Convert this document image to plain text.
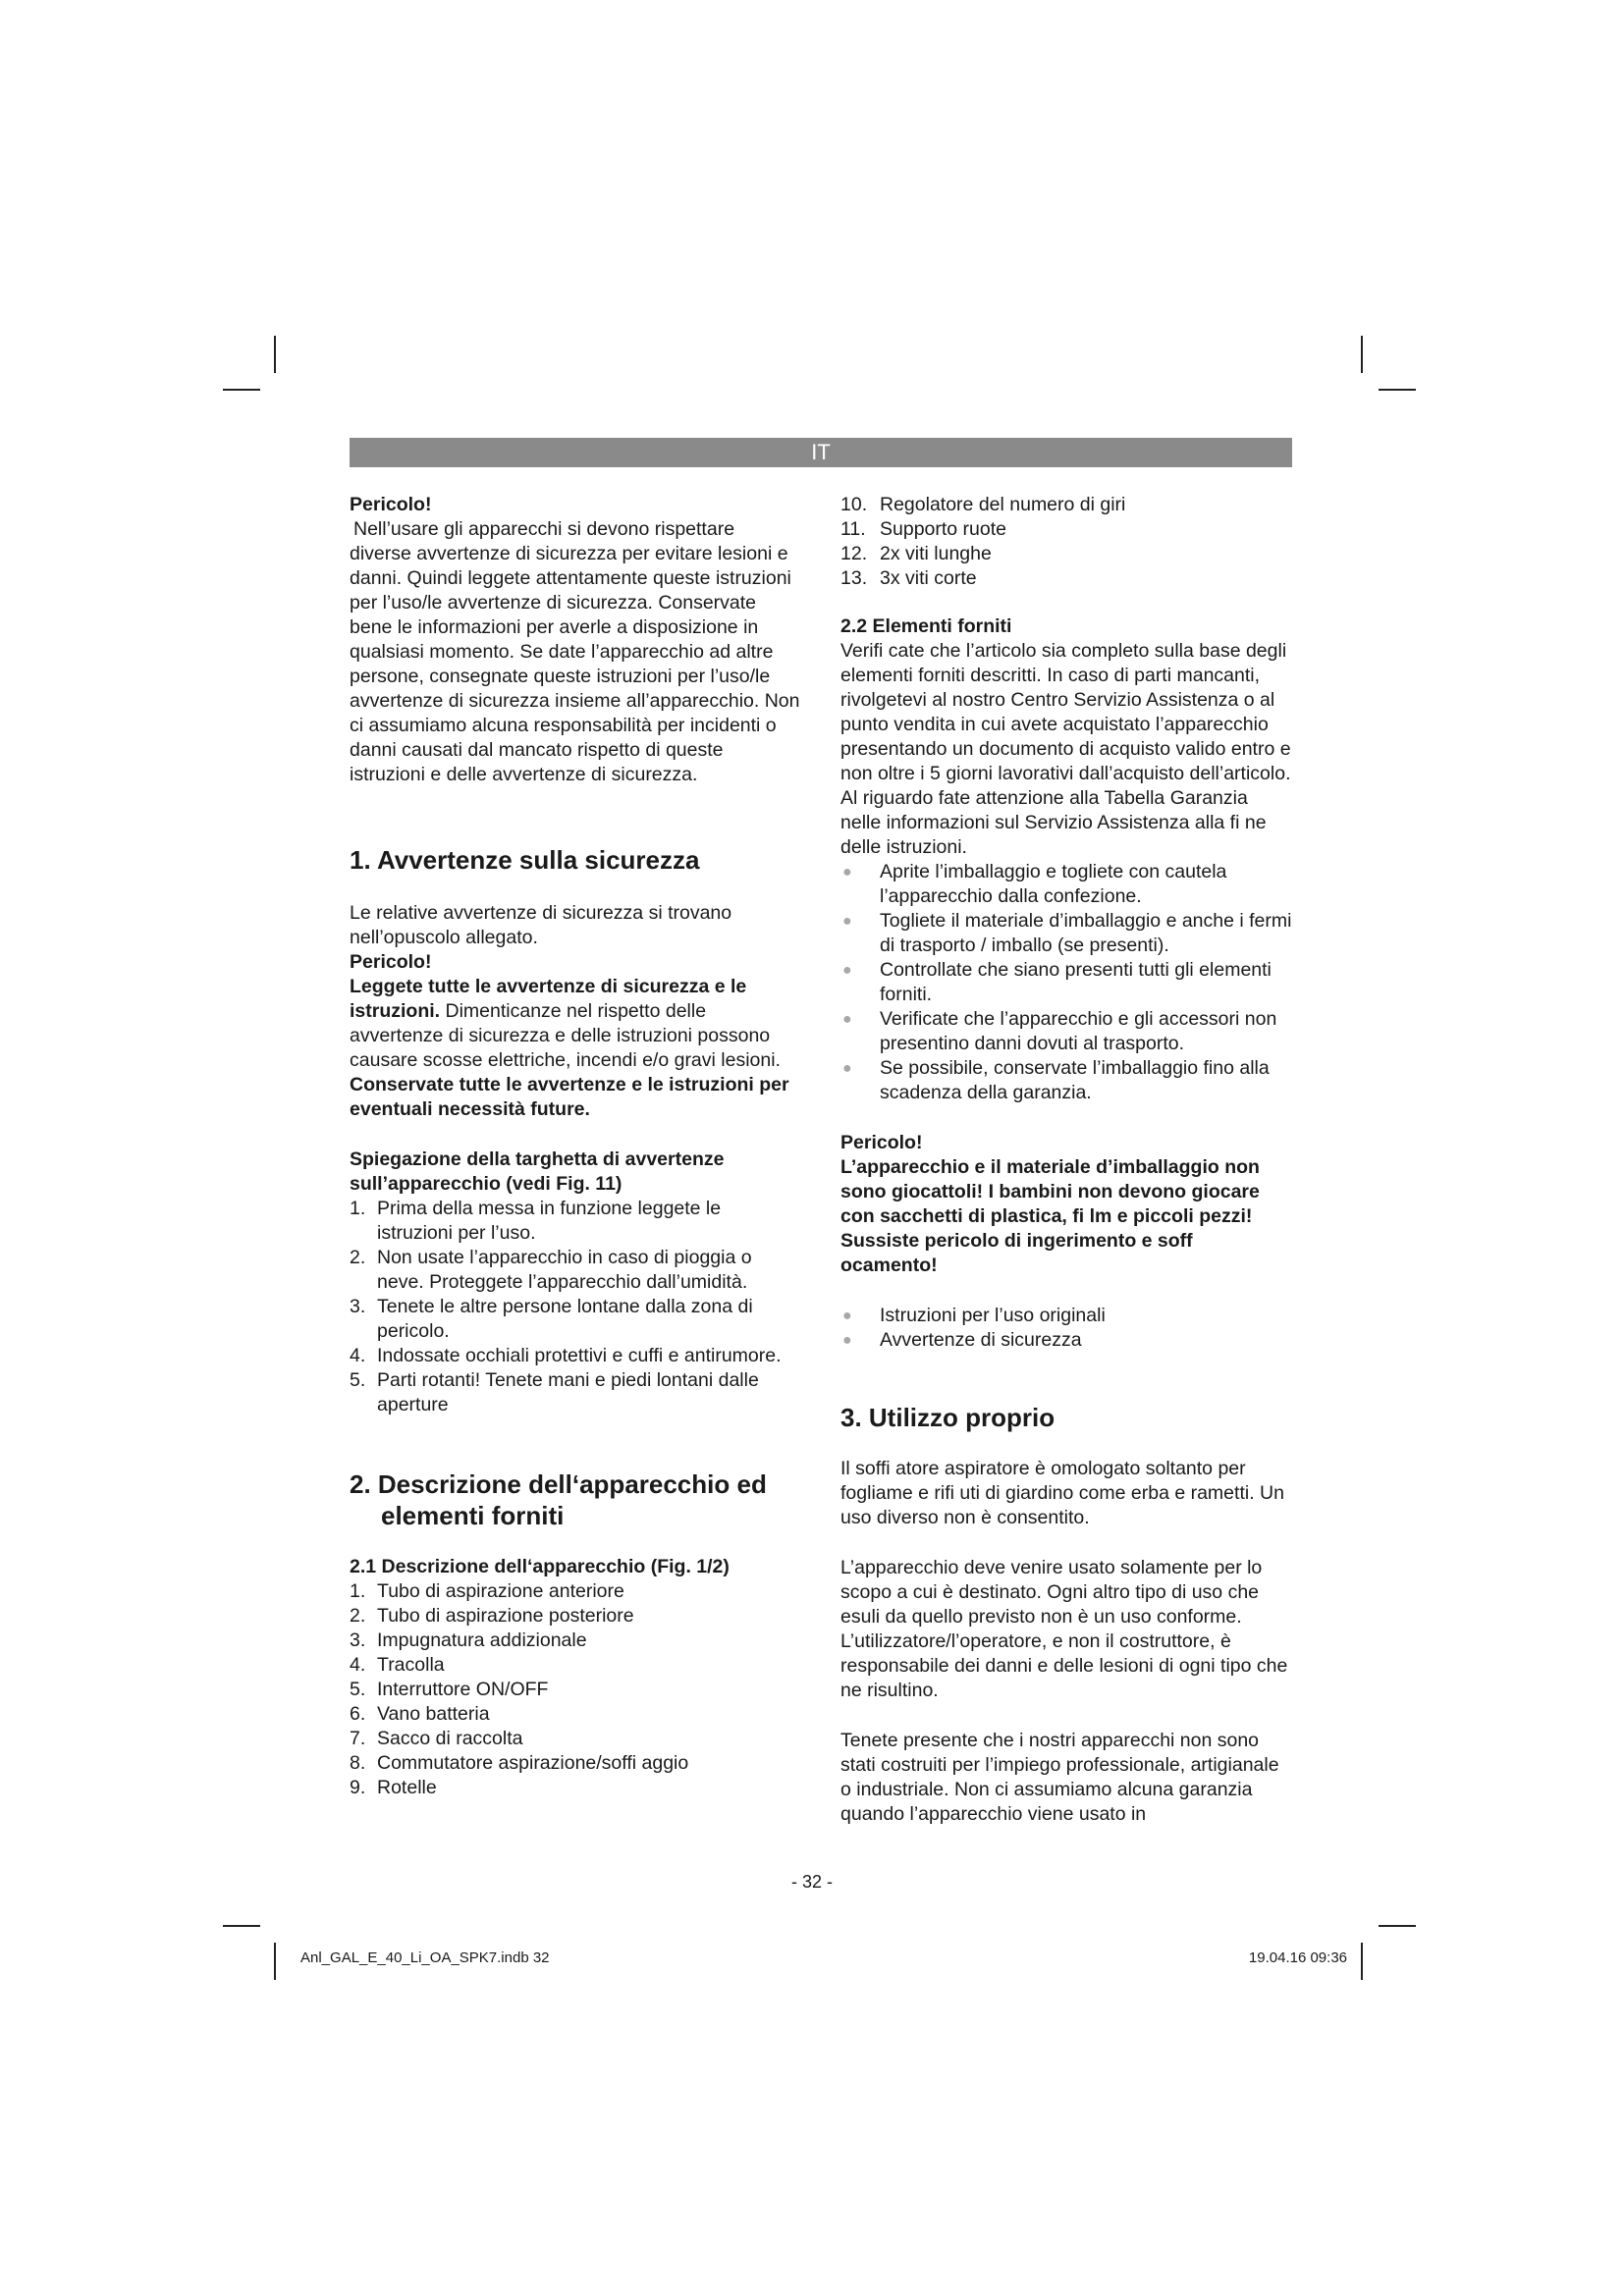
IT

Pericolo!

Nell’usare gli apparecchi si devono rispettare diverse avvertenze di sicurezza per evitare lesioni e danni. Quindi leggete attentamente queste istruzioni per l’uso/le avvertenze di sicurezza. Conservate bene le informazioni per averle a disposizione in qualsiasi momento. Se date l’apparecchio ad altre persone, consegnate queste istruzioni per l’uso/le avvertenze di sicurezza insieme all’apparecchio. Non ci assumiamo alcuna responsabilità per incidenti o danni causati dal mancato rispetto di queste istruzioni e delle avvertenze di sicurezza.

1. Avvertenze sulla sicurezza

Le relative avvertenze di sicurezza si trovano nell’opuscolo allegato.

Pericolo!

Leggete tutte le avvertenze di sicurezza e le istruzioni. Dimenticanze nel rispetto delle avvertenze di sicurezza e delle istruzioni possono causare scosse elettriche, incendi e/o gravi lesioni.

Conservate tutte le avvertenze e le istruzioni per eventuali necessità future.

Spiegazione della targhetta di avvertenze sull’apparecchio (vedi Fig. 11)
1. Prima della messa in funzione leggete le istruzioni per l’uso.
2. Non usate l’apparecchio in caso di pioggia o neve. Proteggete l’apparecchio dall’umidità.
3. Tenete le altre persone lontane dalla zona di pericolo.
4. Indossate occhiali protettivi e cuffi e antirumore.
5. Parti rotanti! Tenete mani e piedi lontani dalle aperture
2. Descrizione dell‘apparecchio ed elementi forniti
2.1 Descrizione dell‘apparecchio (Fig. 1/2)
1. Tubo di aspirazione anteriore
2. Tubo di aspirazione posteriore
3. Impugnatura addizionale
4. Tracolla
5. Interruttore ON/OFF
6. Vano batteria
7. Sacco di raccolta
8. Commutatore aspirazione/soffi aggio
9. Rotelle
10. Regolatore del numero di giri
11. Supporto ruote
12. 2x viti lunghe
13. 3x viti corte
2.2 Elementi forniti

Verifi cate che l’articolo sia completo sulla base degli elementi forniti descritti. In caso di parti mancanti, rivolgetevi al nostro Centro Servizio Assistenza o al punto vendita in cui avete acquistato l’apparecchio presentando un documento di acquisto valido entro e non oltre i 5 giorni lavorativi dall’acquisto dell’articolo. Al riguardo fate attenzione alla Tabella Garanzia nelle informazioni sul Servizio Assistenza alla fi ne delle istruzioni.

● Aprite l’imballaggio e togliete con cautela l’apparecchio dalla confezione.
● Togliete il materiale d’imballaggio e anche i fermi di trasporto / imballo (se presenti).
● Controllate che siano presenti tutti gli elementi forniti.
● Verificate che l’apparecchio e gli accessori non presentino danni dovuti al trasporto.
● Se possibile, conservate l’imballaggio fino alla scadenza della garanzia.

Pericolo!

L’apparecchio e il materiale d’imballaggio non sono giocattoli! I bambini non devono giocare con sacchetti di plastica, fi lm e piccoli pezzi! Sussiste pericolo di ingerimento e soff ocamento!

● Istruzioni per l’uso originali
● Avvertenze di sicurezza
3. Utilizzo proprio

Il soffi atore aspiratore è omologato soltanto per fogliame e rifi uti di giardino come erba e rametti. Un uso diverso non è consentito.

L’apparecchio deve venire usato solamente per lo scopo a cui è destinato. Ogni altro tipo di uso che esuli da quello previsto non è un uso conforme. L’utilizzatore/l’operatore, e non il costruttore, è responsabile dei danni e delle lesioni di ogni tipo che ne risultino.

Tenete presente che i nostri apparecchi non sono stati costruiti per l’impiego professionale, artigianale o industriale. Non ci assumiamo alcuna garanzia quando l’apparecchio viene usato in

- 32 -
Anl_GAL_E_40_Li_OA_SPK7.indb 32	19.04.16 09:36
